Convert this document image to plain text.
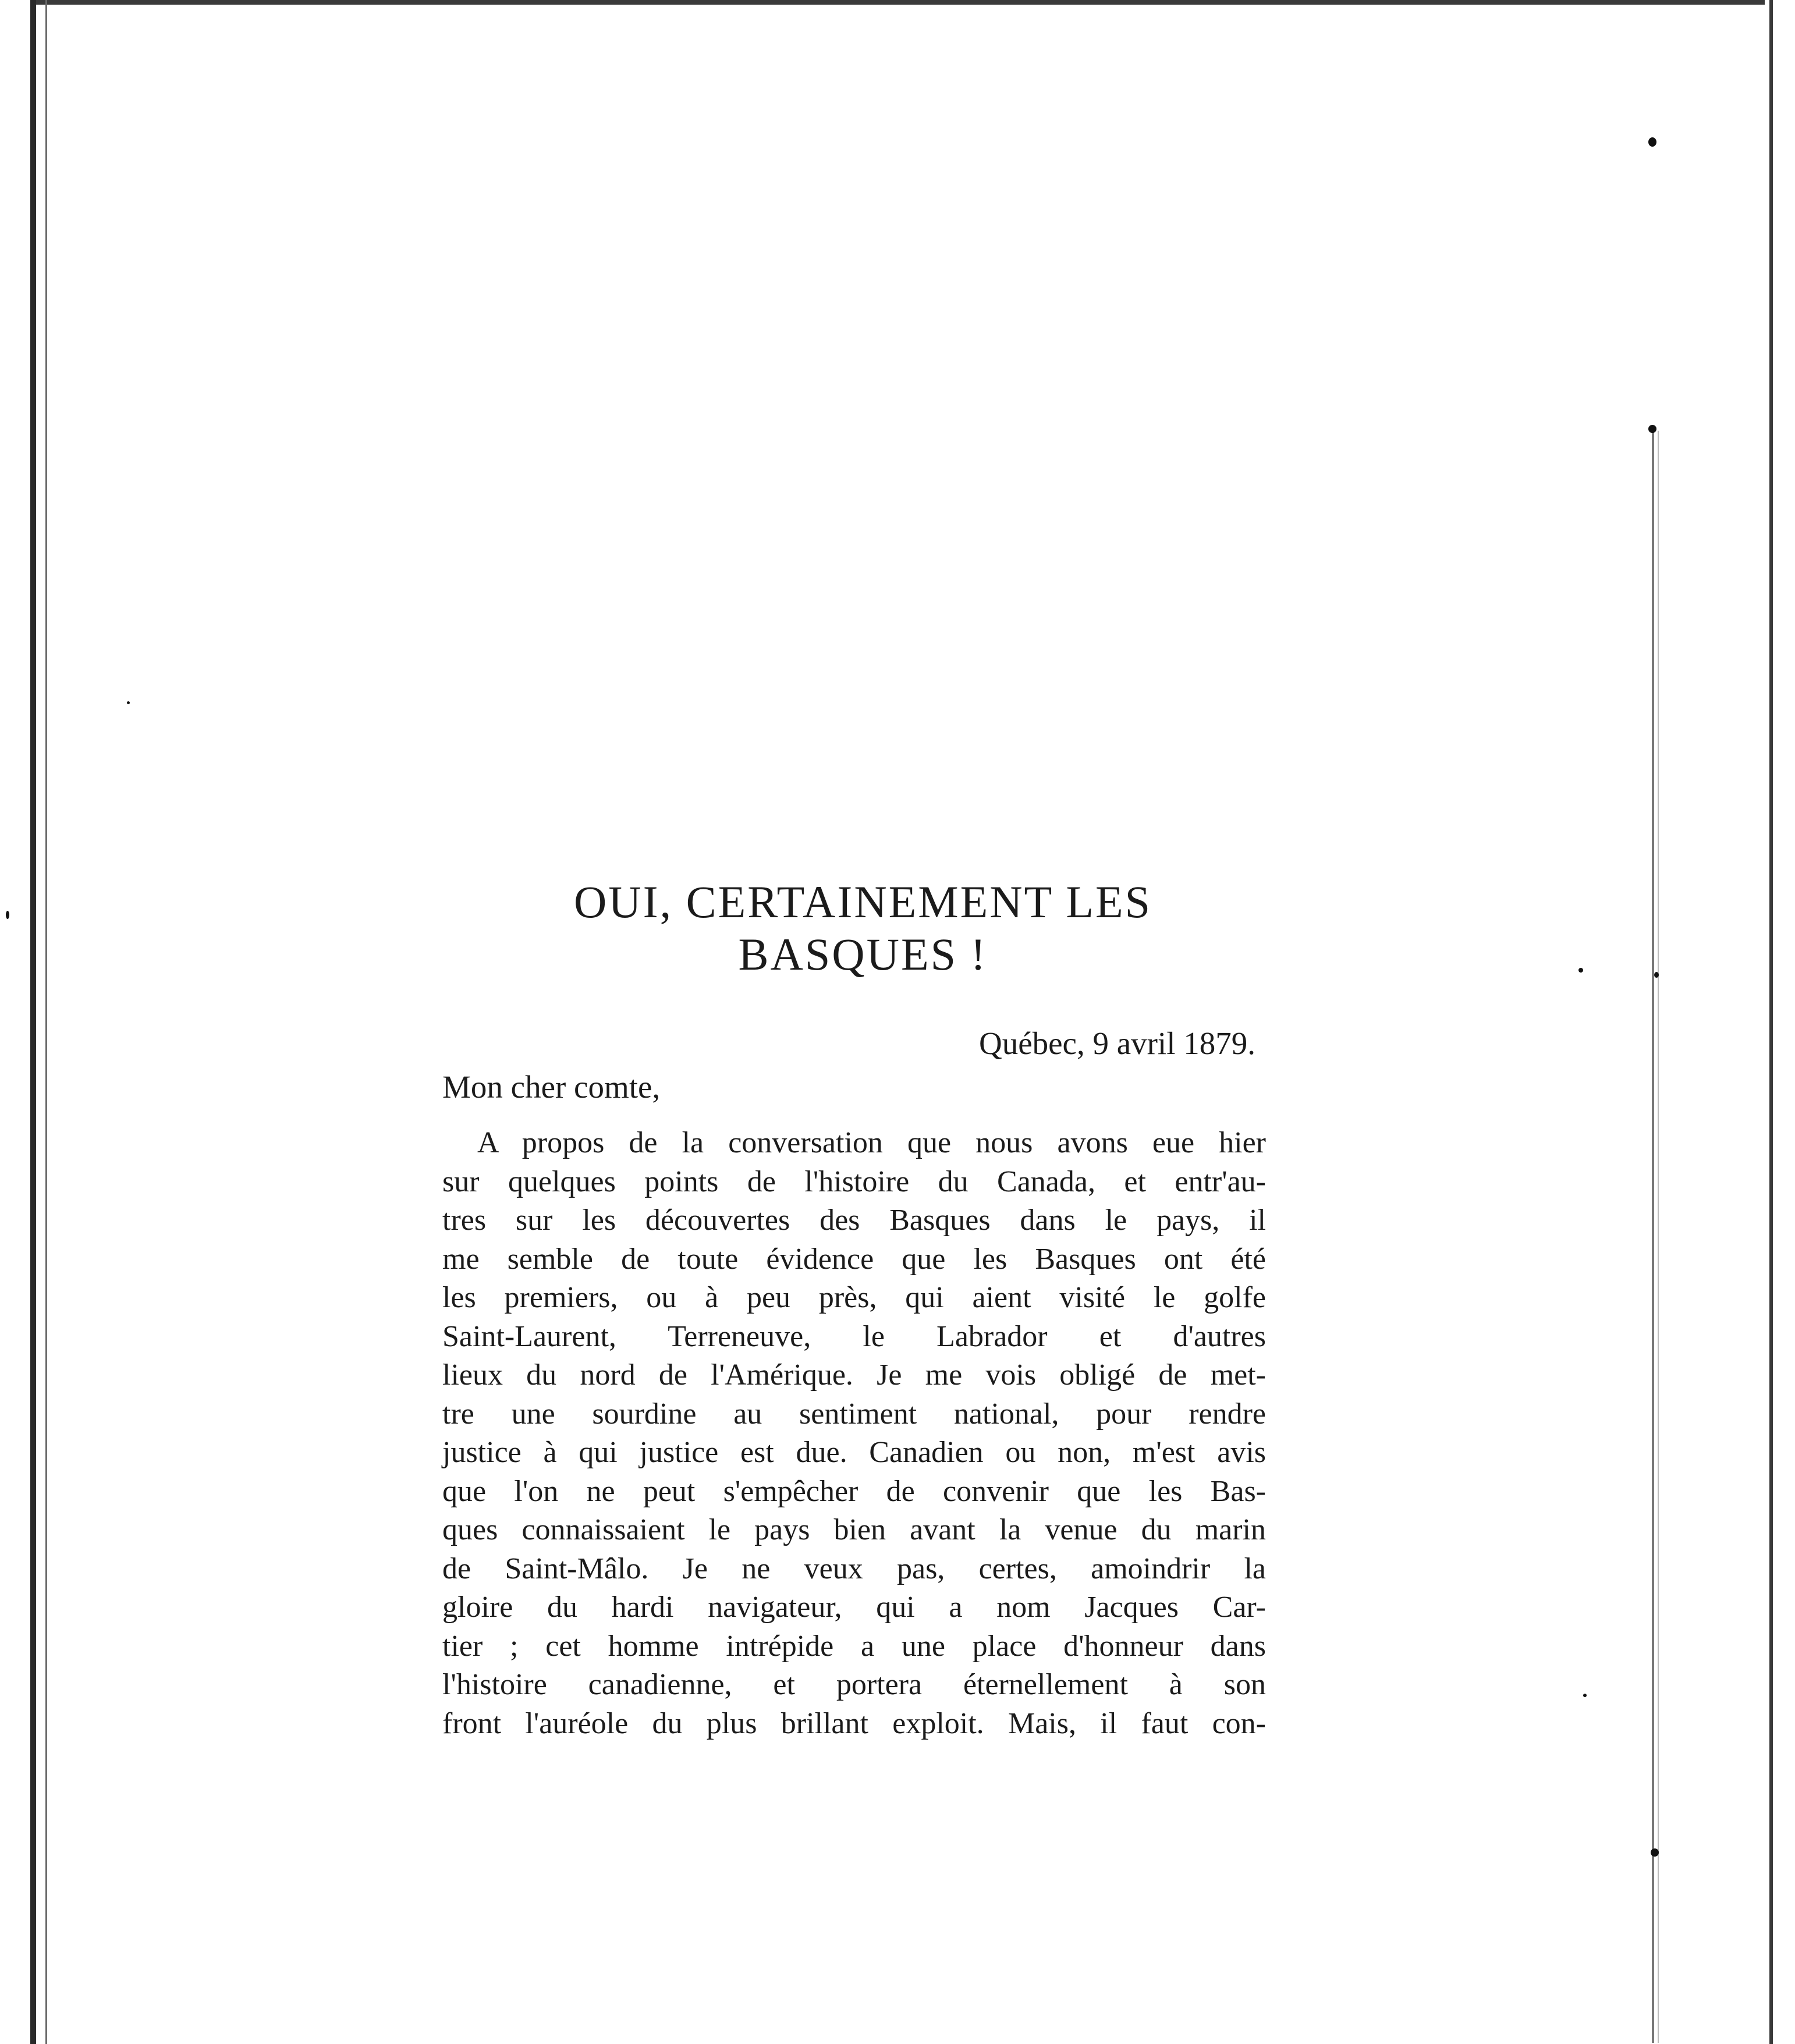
OUI, CERTAINEMENT LES BASQUES !
Québec, 9 avril 1879.
Mon cher comte,
A propos de la conversation que nous avons eue hier
sur quelques points de l'histoire du Canada, et entr'au-
tres sur les découvertes des Basques dans le pays, il
me semble de toute évidence que les Basques ont été
les premiers, ou à peu près, qui aient visité le golfe
Saint-Laurent, Terreneuve, le Labrador et d'autres
lieux du nord de l'Amérique. Je me vois obligé de met-
tre une sourdine au sentiment national, pour rendre
justice à qui justice est due. Canadien ou non, m'est avis
que l'on ne peut s'empêcher de convenir que les Bas-
ques connaissaient le pays bien avant la venue du marin
de Saint-Mâlo. Je ne veux pas, certes, amoindrir la
gloire du hardi navigateur, qui a nom Jacques Car-
tier ; cet homme intrépide a une place d'honneur dans
l'histoire canadienne, et portera éternellement à son
front l'auréole du plus brillant exploit. Mais, il faut con-
